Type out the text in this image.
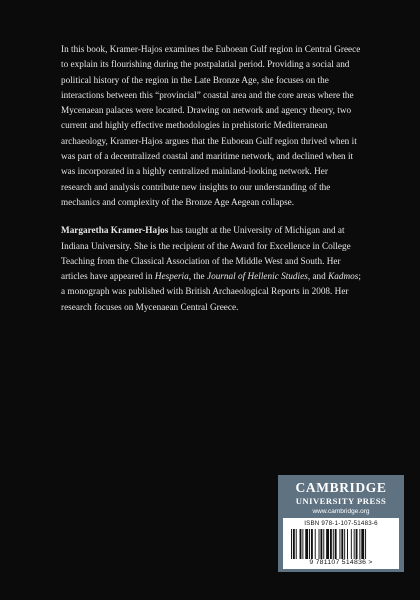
In this book, Kramer-Hajos examines the Euboean Gulf region in Central Greece to explain its flourishing during the postpalatial period. Providing a social and political history of the region in the Late Bronze Age, she focuses on the interactions between this “provincial” coastal area and the core areas where the Mycenaean palaces were located. Drawing on network and agency theory, two current and highly effective methodologies in prehistoric Mediterranean archaeology, Kramer-Hajos argues that the Euboean Gulf region thrived when it was part of a decentralized coastal and maritime network, and declined when it was incorporated in a highly centralized mainland-looking network. Her research and analysis contribute new insights to our understanding of the mechanics and complexity of the Bronze Age Aegean collapse.

Margaretha Kramer-Hajos has taught at the University of Michigan and at Indiana University. She is the recipient of the Award for Excellence in College Teaching from the Classical Association of the Middle West and South. Her articles have appeared in Hesperia, the Journal of Hellenic Studies, and Kadmos; a monograph was published with British Archaeological Reports in 2008. Her research focuses on Mycenaean Central Greece.

CAMBRIDGE
UNIVERSITY PRESS
www.cambridge.org
ISBN 978-1-107-51483-6
9 781107 514836 >
